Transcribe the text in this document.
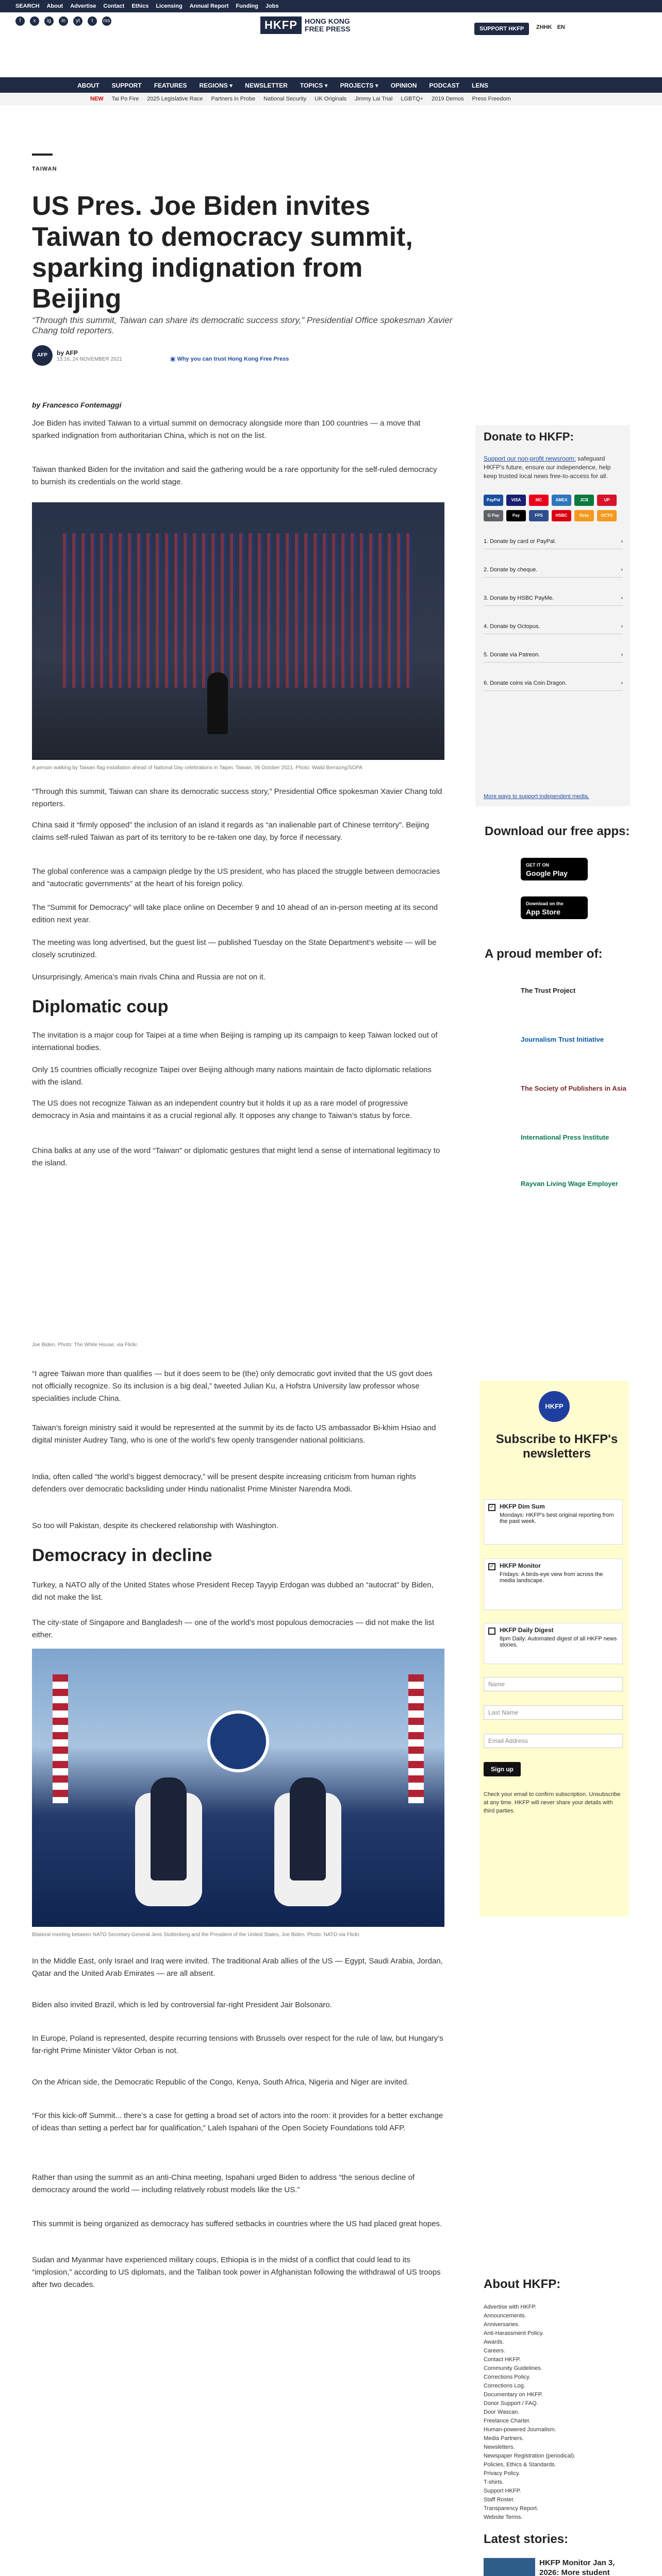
SEARCH About Advertise Contact Ethics Licensing Annual Report Funding Jobs
f	x	ig	in	yt	t	rss	HKFP	HONG KONG
FREE PRESS	SUPPORT HKFP	ZHHK EN
ABOUT SUPPORT FEATURES REGIONS ▾ NEWSLETTER TOPICS ▾ PROJECTS ▾ OPINION PODCAST LENS
NEW Tai Po Fire 2025 Legislative Race Partners in Probe National Security UK Originals Jimmy Lai Trial LGBTQ+ 2019 Demos Press Freedom
TAIWAN
US Pres. Joe Biden invites Taiwan to democracy summit, sparking indignation from Beijing
“Through this summit, Taiwan can share its democratic success story,” Presidential Office spokesman Xavier Chang told reporters.
AFP	by AFP
13:16, 24 NOVEMBER 2021	▣ Why you can trust Hong Kong Free Press
by Francesco Fontemaggi
Joe Biden has invited Taiwan to a virtual summit on democracy alongside more than 100 countries — a move that sparked indignation from authoritarian China, which is not on the list.
Taiwan thanked Biden for the invitation and said the gathering would be a rare opportunity for the self-ruled democracy to burnish its credentials on the world stage.
A person walking by Taiwan flag installation ahead of National Day celebrations in Taipei, Taiwan, 06 October 2021. Photo: Walid Berrazeg/SOPA
“Through this summit, Taiwan can share its democratic success story,” Presidential Office spokesman Xavier Chang told reporters.
China said it “firmly opposed” the inclusion of an island it regards as “an inalienable part of Chinese territory”. Beijing claims self-ruled Taiwan as part of its territory to be re-taken one day, by force if necessary.
The global conference was a campaign pledge by the US president, who has placed the struggle between democracies and “autocratic governments” at the heart of his foreign policy.
The “Summit for Democracy” will take place online on December 9 and 10 ahead of an in-person meeting at its second edition next year.
The meeting was long advertised, but the guest list — published Tuesday on the State Department’s website — will be closely scrutinized.
Unsurprisingly, America’s main rivals China and Russia are not on it.
Diplomatic coup
The invitation is a major coup for Taipei at a time when Beijing is ramping up its campaign to keep Taiwan locked out of international bodies.
Only 15 countries officially recognize Taipei over Beijing although many nations maintain de facto diplomatic relations with the island.
The US does not recognize Taiwan as an independent country but it holds it up as a rare model of progressive democracy in Asia and maintains it as a crucial regional ally. It opposes any change to Taiwan’s status by force.
China balks at any use of the word “Taiwan” or diplomatic gestures that might lend a sense of international legitimacy to the island.
Joe Biden. Photo: The White House, via Flickr.
“I agree Taiwan more than qualifies — but it does seem to be (the) only democratic govt invited that the US govt does not officially recognize. So its inclusion is a big deal,” tweeted Julian Ku, a Hofstra University law professor whose specialities include China.
Taiwan’s foreign ministry said it would be represented at the summit by its de facto US ambassador Bi-khim Hsiao and digital minister Audrey Tang, who is one of the world’s few openly transgender national politicians.
India, often called “the world’s biggest democracy,” will be present despite increasing criticism from human rights defenders over democratic backsliding under Hindu nationalist Prime Minister Narendra Modi.
So too will Pakistan, despite its checkered relationship with Washington.
Democracy in decline
Turkey, a NATO ally of the United States whose President Recep Tayyip Erdogan was dubbed an “autocrat” by Biden, did not make the list.
The city-state of Singapore and Bangladesh — one of the world’s most populous democracies — did not make the list either.
Bilateral meeting between NATO Secretary General Jens Stoltenberg and the President of the United States, Joe Biden. Photo: NATO via Flickr.
In the Middle East, only Israel and Iraq were invited. The traditional Arab allies of the US — Egypt, Saudi Arabia, Jordan, Qatar and the United Arab Emirates — are all absent.
Biden also invited Brazil, which is led by controversial far-right President Jair Bolsonaro.
In Europe, Poland is represented, despite recurring tensions with Brussels over respect for the rule of law, but Hungary’s far-right Prime Minister Viktor Orban is not.
On the African side, the Democratic Republic of the Congo, Kenya, South Africa, Nigeria and Niger are invited.
“For this kick-off Summit... there’s a case for getting a broad set of actors into the room: it provides for a better exchange of ideas than setting a perfect bar for qualification,” Laleh Ispahani of the Open Society Foundations told AFP.
Rather than using the summit as an anti-China meeting, Ispahani urged Biden to address “the serious decline of democracy around the world — including relatively robust models like the US.”
This summit is being organized as democracy has suffered setbacks in countries where the US had placed great hopes.
Sudan and Myanmar have experienced military coups, Ethiopia is in the midst of a conflict that could lead to its “implosion,” according to US diplomats, and the Taliban took power in Afghanistan following the withdrawal of US troops after two decades.
Donate to HKFP:
Support our non-profit newsroom: safeguard HKFP's future, ensure our independence, help keep trusted local news free-to-access for all.
PayPal	VISA	MC	AMEX	JCB	UP
G Pay	Pay	FPS	HSBC	Octo	OCTO
1. Donate by card or PayPal.	›
2. Donate by cheque.	›
3. Donate by HSBC PayMe.	›
4. Donate by Octopus.	›
5. Donate via Patreon.	›
6. Donate coins via Coin Dragon.	›
More ways to support independent media.
Download our free apps:
GET IT ON
Google Play
Download on the
App Store
A proud member of:
The Trust Project
Journalism Trust Initiative
The Society of Publishers in Asia
International Press Institute
Rayvan Living Wage Employer
HKFP
Subscribe to HKFP's newsletters
✓ HKFP Dim Sum
Mondays: HKFP's best original reporting from the past week.
✓ HKFP Monitor
Fridays: A birds-eye view from across the media landscape.
HKFP Daily Digest
8pm Daily: Automated digest of all HKFP news stories.
Name
Last Name
Email Address
Sign up
Check your email to confirm subscription. Unsubscribe at any time. HKFP will never share your details with third parties.
About HKFP:
Advertise with HKFP.
Announcements.
Anniversaries.
Anti-Harassment Policy.
Awards.
Careers.
Contact HKFP.
Community Guidelines.
Corrections Policy.
Corrections Log.
Documentary on HKFP.
Donor Support / FAQ.
Door Wascan.
Freelance Charter.
Human-powered Journalism.
Media Partners.
Newsletters.
Newspaper Registration (periodical).
Policies, Ethics & Standards.
Privacy Policy.
T-shirts.
Support HKFP.
Staff Roster.
Transparency Report.
Website Terms.
Latest stories:
HKFP Monitor Jan 3, 2026: More student
